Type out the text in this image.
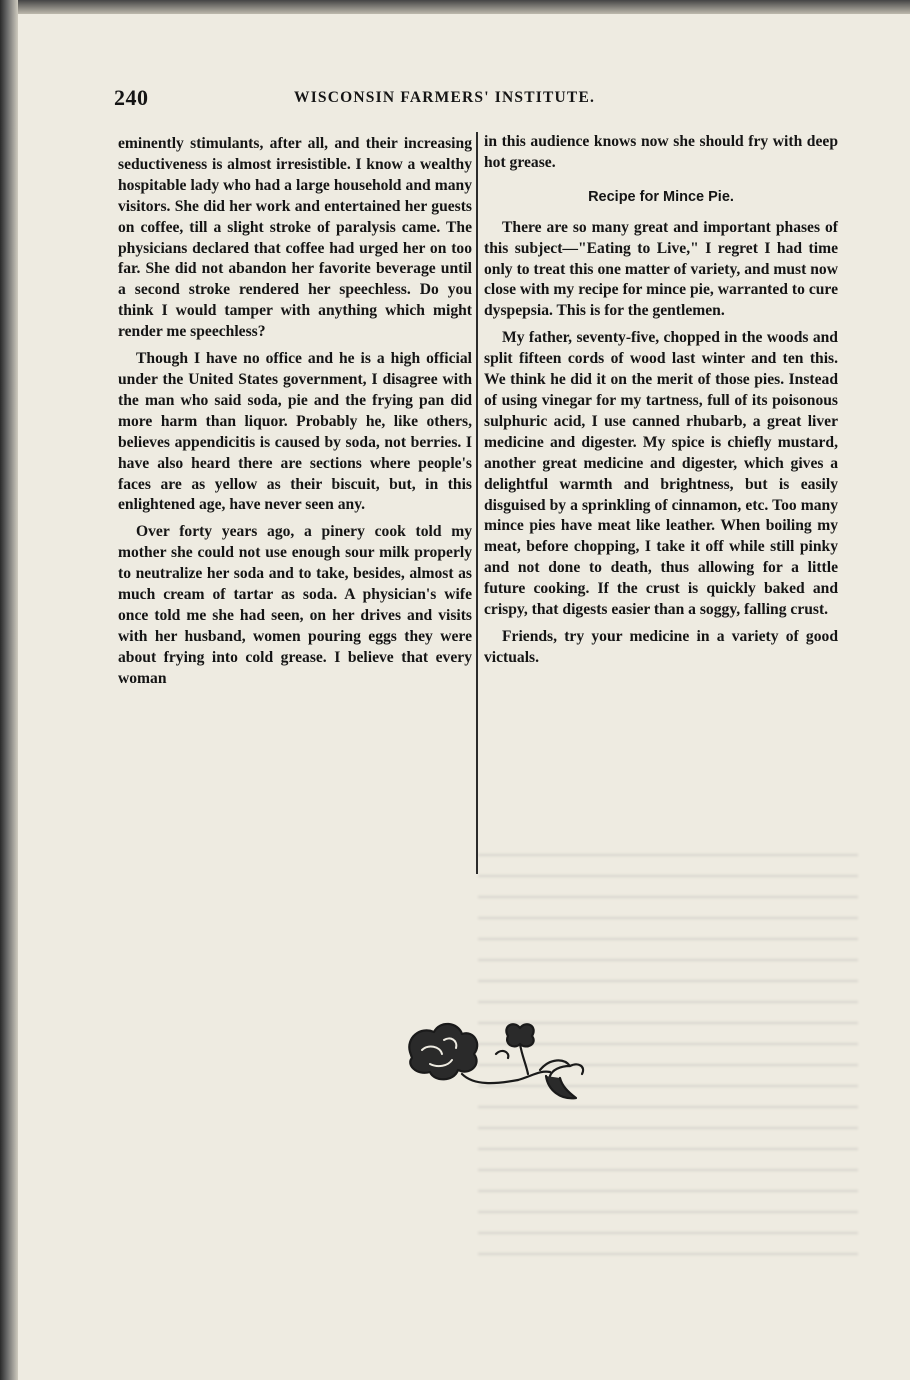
240	WISCONSIN FARMERS' INSTITUTE.

eminently stimulants, after all, and their increasing seductiveness is almost irresistible. I know a wealthy hospitable lady who had a large household and many visitors. She did her work and entertained her guests on coffee, till a slight stroke of paralysis came. The physicians declared that coffee had urged her on too far. She did not abandon her favorite beverage until a second stroke rendered her speechless. Do you think I would tamper with anything which might render me speechless?

Though I have no office and he is a high official under the United States government, I disagree with the man who said soda, pie and the frying pan did more harm than liquor. Probably he, like others, believes appendicitis is caused by soda, not berries. I have also heard there are sections where people's faces are as yellow as their biscuit, but, in this enlightened age, have never seen any.

Over forty years ago, a pinery cook told my mother she could not use enough sour milk properly to neutralize her soda and to take, besides, almost as much cream of tartar as soda. A physician's wife once told me she had seen, on her drives and visits with her husband, women pouring eggs they were about frying into cold grease. I believe that every woman

in this audience knows now she should fry with deep hot grease.

Recipe for Mince Pie.

There are so many great and important phases of this subject—"Eating to Live," I regret I had time only to treat this one matter of variety, and must now close with my recipe for mince pie, warranted to cure dyspepsia. This is for the gentlemen.

My father, seventy-five, chopped in the woods and split fifteen cords of wood last winter and ten this. We think he did it on the merit of those pies. Instead of using vinegar for my tartness, full of its poisonous sulphuric acid, I use canned rhubarb, a great liver medicine and digester. My spice is chiefly mustard, another great medicine and digester, which gives a delightful warmth and brightness, but is easily disguised by a sprinkling of cinnamon, etc. Too many mince pies have meat like leather. When boiling my meat, before chopping, I take it off while still pinky and not done to death, thus allowing for a little future cooking. If the crust is quickly baked and crispy, that digests easier than a soggy, falling crust.

Friends, try your medicine in a variety of good victuals.
